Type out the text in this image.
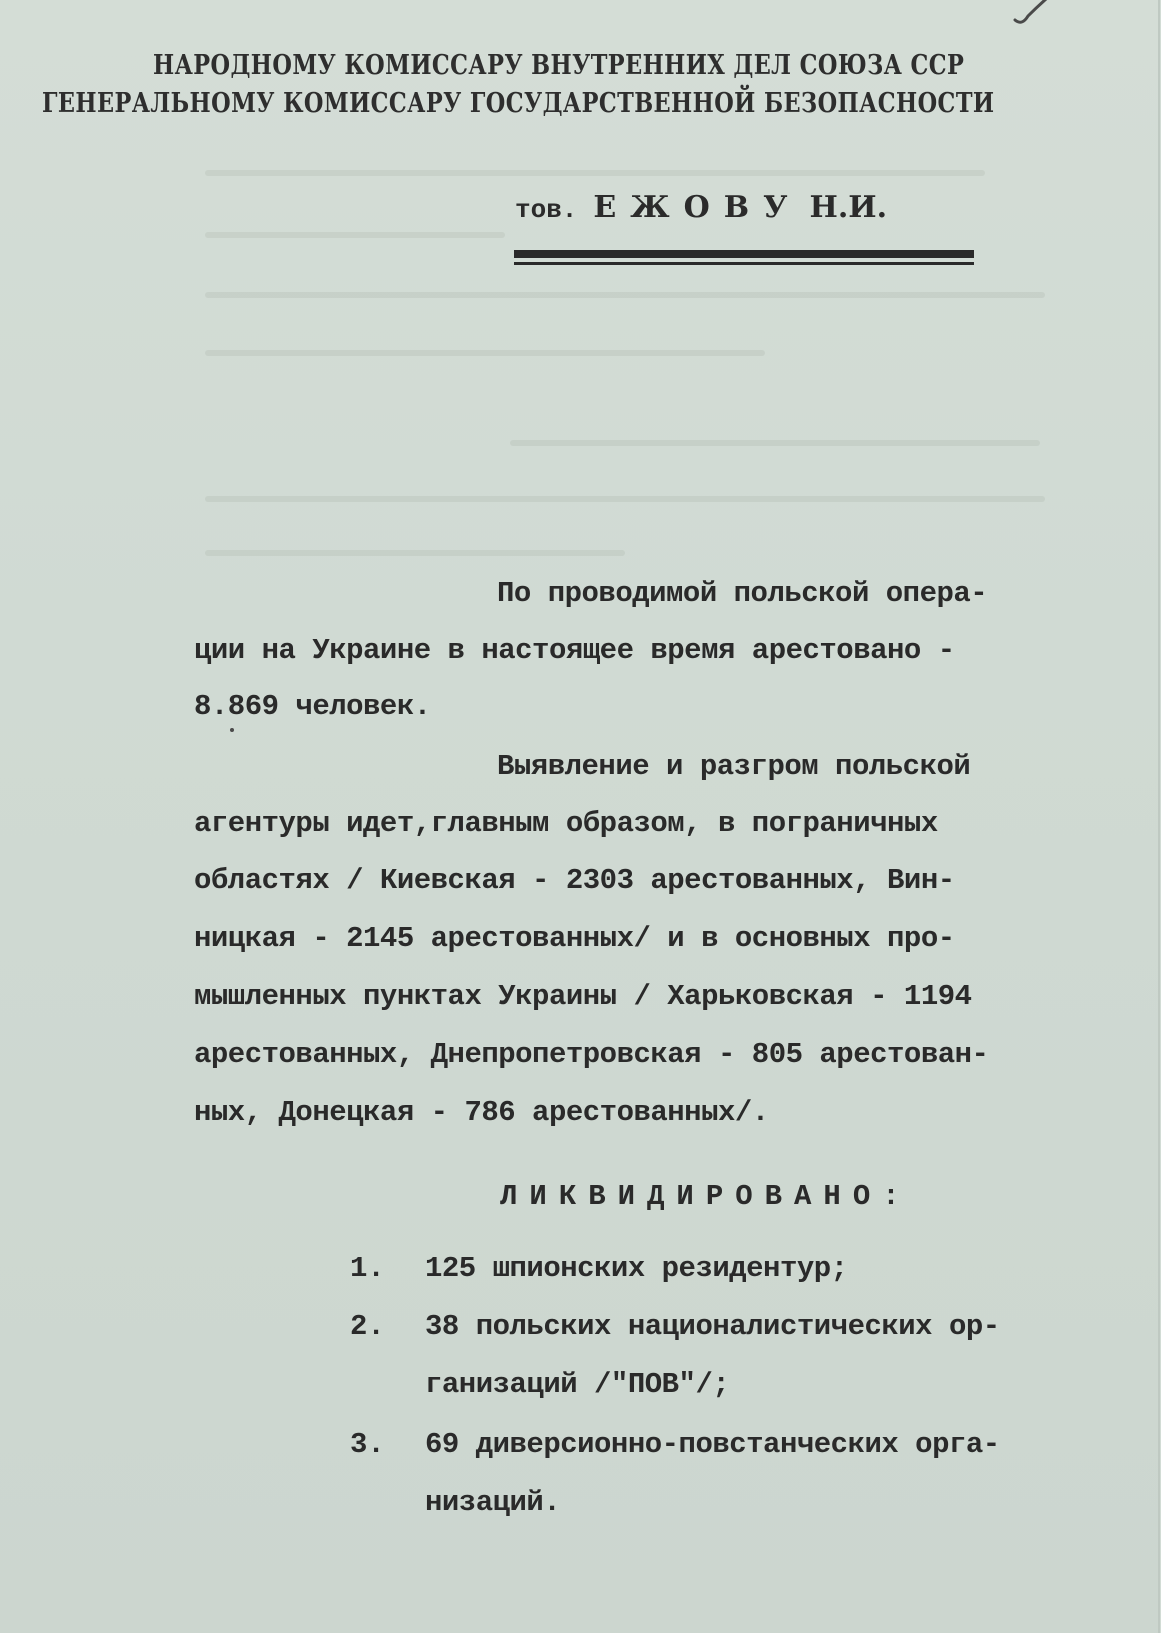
НАРОДНОМУ КОМИССАРУ ВНУТРЕННИХ ДЕЛ СОЮЗА ССР
ГЕНЕРАЛЬНОМУ КОМИССАРУ ГОСУДАРСТВЕННОЙ БЕЗОПАСНОСТИ
тов. ЕЖОВУ Н.И.
По проводимой польской опера-
ции на Украине в настоящее время арестовано -
8.869 человек.
Выявление и разгром польской
агентуры идет,главным образом, в пограничных
областях / Киевская - 2303 арестованных, Вин-
ницкая - 2145 арестованных/ и в основных про-
мышленных пунктах Украины / Харьковская - 1194
арестованных, Днепропетровская - 805 арестован-
ных, Донецкая - 786 арестованных/.
ЛИКВИДИРОВАНО:
1. 125 шпионских резидентур;
2. 38 польских националистических ор-
ганизаций /"ПОВ"/;
3. 69 диверсионно-повстанческих орга-
низаций.
